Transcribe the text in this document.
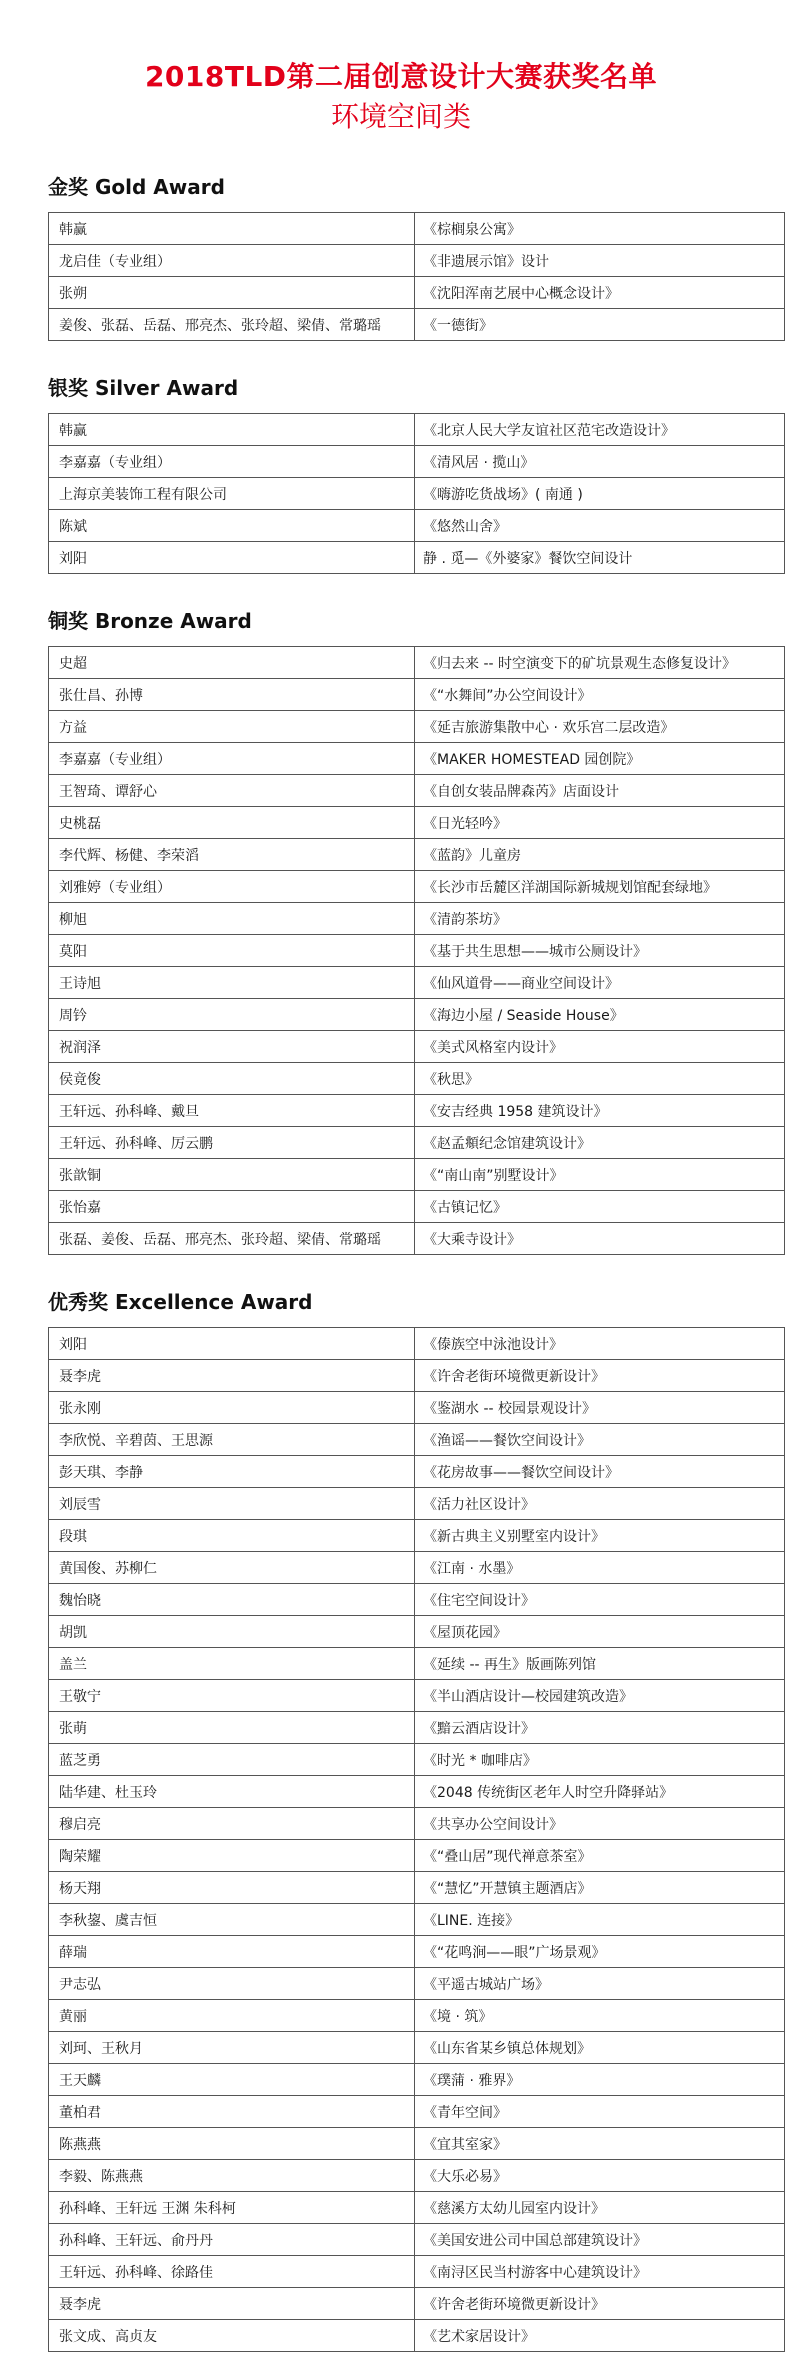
2018TLD第二届创意设计大赛获奖名单
环境空间类
金奖 Gold Award
韩赢	《棕榈泉公寓》
龙启佳（专业组）	《非遗展示馆》设计
张朔	《沈阳浑南艺展中心概念设计》
姜俊、张磊、岳磊、邢亮杰、张玲超、梁倩、常璐瑶	《一德街》
银奖 Silver Award
韩赢	《北京人民大学友谊社区范宅改造设计》
李嘉嘉（专业组）	《清风居 · 揽山》
上海京美装饰工程有限公司	《嗨游吃货战场》( 南通 )
陈斌	《悠然山舍》
刘阳	静 . 觅—《外婆家》餐饮空间设计
铜奖 Bronze Award
史超	《归去来 -- 时空演变下的矿坑景观生态修复设计》
张仕昌、孙博	《“水舞间”办公空间设计》
方益	《延吉旅游集散中心 · 欢乐宫二层改造》
李嘉嘉（专业组）	《MAKER HOMESTEAD 园创院》
王智琦、谭舒心	《自创女装品牌森芮》店面设计
史桃磊	《日光轻吟》
李代辉、杨健、李荣滔	《蓝韵》儿童房
刘雅婷（专业组）	《长沙市岳麓区洋湖国际新城规划馆配套绿地》
柳旭	《清韵茶坊》
莫阳	《基于共生思想——城市公厕设计》
王诗旭	《仙风道骨——商业空间设计》
周钤	《海边小屋 / Seaside House》
祝润泽	《美式风格室内设计》
侯竟俊	《秋思》
王轩远、孙科峰、戴旦	《安吉经典 1958 建筑设计》
王轩远、孙科峰、厉云鹏	《赵孟頫纪念馆建筑设计》
张歆铜	《“南山南”别墅设计》
张怡嘉	《古镇记忆》
张磊、姜俊、岳磊、邢亮杰、张玲超、梁倩、常璐瑶	《大乘寺设计》
优秀奖 Excellence Award
刘阳	《傣族空中泳池设计》
聂李虎	《许舍老街环境微更新设计》
张永刚	《鉴湖水 -- 校园景观设计》
李欣悦、辛碧茵、王思源	《渔谣——餐饮空间设计》
彭天琪、李静	《花房故事——餐饮空间设计》
刘辰雪	《活力社区设计》
段琪	《新古典主义别墅室内设计》
黄国俊、苏柳仁	《江南 · 水墨》
魏怡晓	《住宅空间设计》
胡凯	《屋顶花园》
盖兰	《延续 -- 再生》版画陈列馆
王敬宁	《半山酒店设计—校园建筑改造》
张萌	《黯云酒店设计》
蓝芝勇	《时光 * 咖啡店》
陆华建、杜玉玲	《2048 传统街区老年人时空升降驿站》
穆启亮	《共享办公空间设计》
陶荣耀	《“叠山居”现代禅意茶室》
杨天翔	《“慧忆”开慧镇主题酒店》
李秋鋆、虞吉恒	《LINE. 连接》
薛瑞	《“花鸣涧——眼”广场景观》
尹志弘	《平遥古城站广场》
黄丽	《境 · 筑》
刘珂、王秋月	《山东省某乡镇总体规划》
王天麟	《璞蒲 · 雅界》
董柏君	《青年空间》
陈燕燕	《宜其室家》
李毅、陈燕燕	《大乐必易》
孙科峰、王轩远 王渊 朱科柯	《慈溪方太幼儿园室内设计》
孙科峰、王轩远、俞丹丹	《美国安进公司中国总部建筑设计》
王轩远、孙科峰、徐路佳	《南浔区民当村游客中心建筑设计》
聂李虎	《许舍老街环境微更新设计》
张文成、高贞友	《艺术家居设计》
